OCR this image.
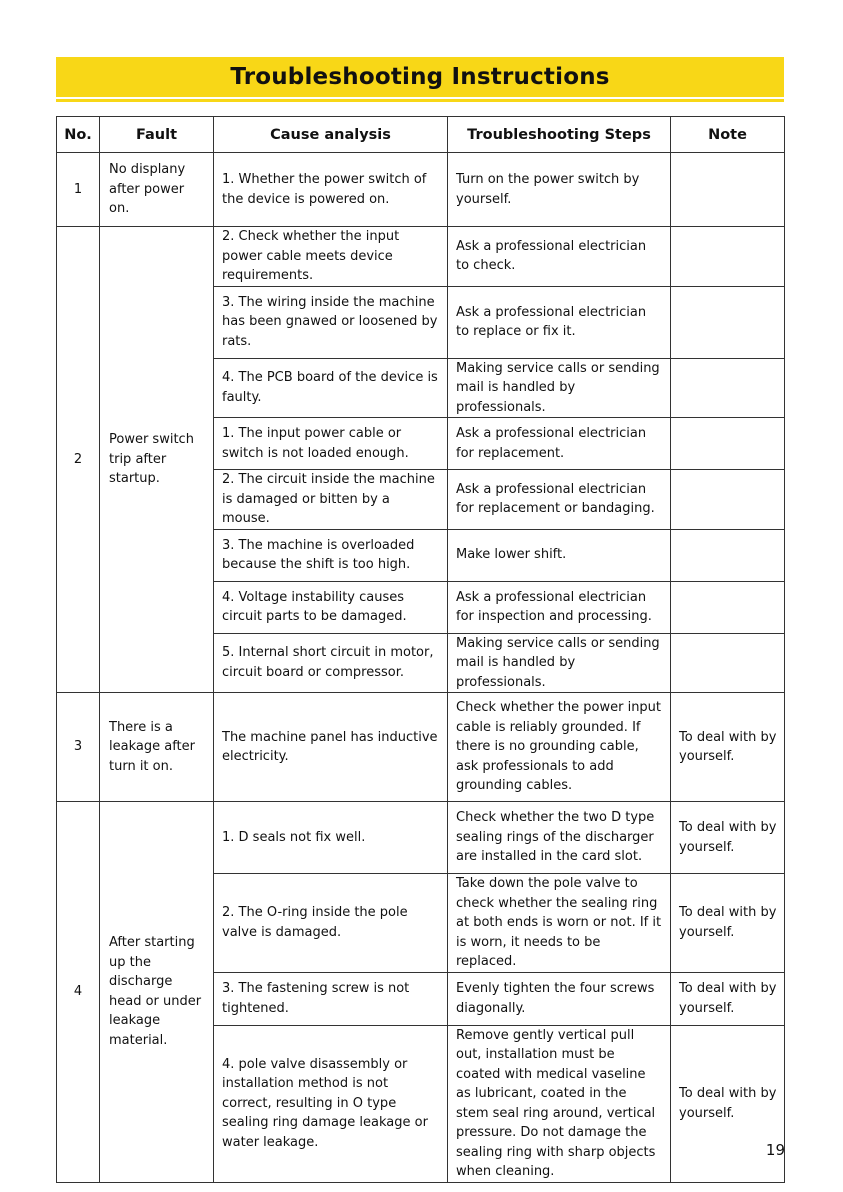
Troubleshooting Instructions
No.	Fault	Cause analysis	Troubleshooting Steps	Note
1	No displany after power on.	1. Whether the power switch of the device is powered on.	Turn on the power switch by yourself.	
2	Power switch trip after startup.	2. Check whether the input power cable meets device requirements.	Ask a professional electrician to check.	
		3. The wiring inside the machine has been gnawed or loosened by rats.	Ask a professional electrician to replace or fix it.	
		4. The PCB board of the device is faulty.	Making service calls or sending mail is handled by professionals.	
		1. The input power cable or switch is not loaded enough.	Ask a professional electrician for replacement.	
		2. The circuit inside the machine is damaged or bitten by a mouse.	Ask a professional electrician for replacement or bandaging.	
		3. The machine is overloaded because the shift is too high.	Make lower shift.	
		4. Voltage instability causes circuit parts to be damaged.	Ask a professional electrician for inspection and processing.	
		5. Internal short circuit in motor, circuit board or compressor.	Making service calls or sending mail is handled by professionals.	
3	There is a leakage after turn it on.	The machine panel has inductive electricity.	Check whether the power input cable is reliably grounded. If there is no grounding cable, ask professionals to add grounding cables.	To deal with by yourself.
4	After starting up the discharge head or under leakage material.	1. D seals not fix well.	Check whether the two D type sealing rings of the discharger are installed in the card slot.	To deal with by yourself.
		2. The O-ring inside the pole valve is damaged.	Take down the pole valve to check whether the sealing ring at both ends is worn or not. If it is worn, it needs to be replaced.	To deal with by yourself.
		3. The fastening screw is not tightened.	Evenly tighten the four screws diagonally.	To deal with by yourself.
		4. pole valve disassembly or installation method is not correct, resulting in O type sealing ring damage leakage or water leakage.	Remove gently vertical pull out, installation must be coated with medical vaseline as lubricant, coated in the stem seal ring around, vertical pressure. Do not damage the sealing ring with sharp objects when cleaning.	To deal with by yourself.
19
